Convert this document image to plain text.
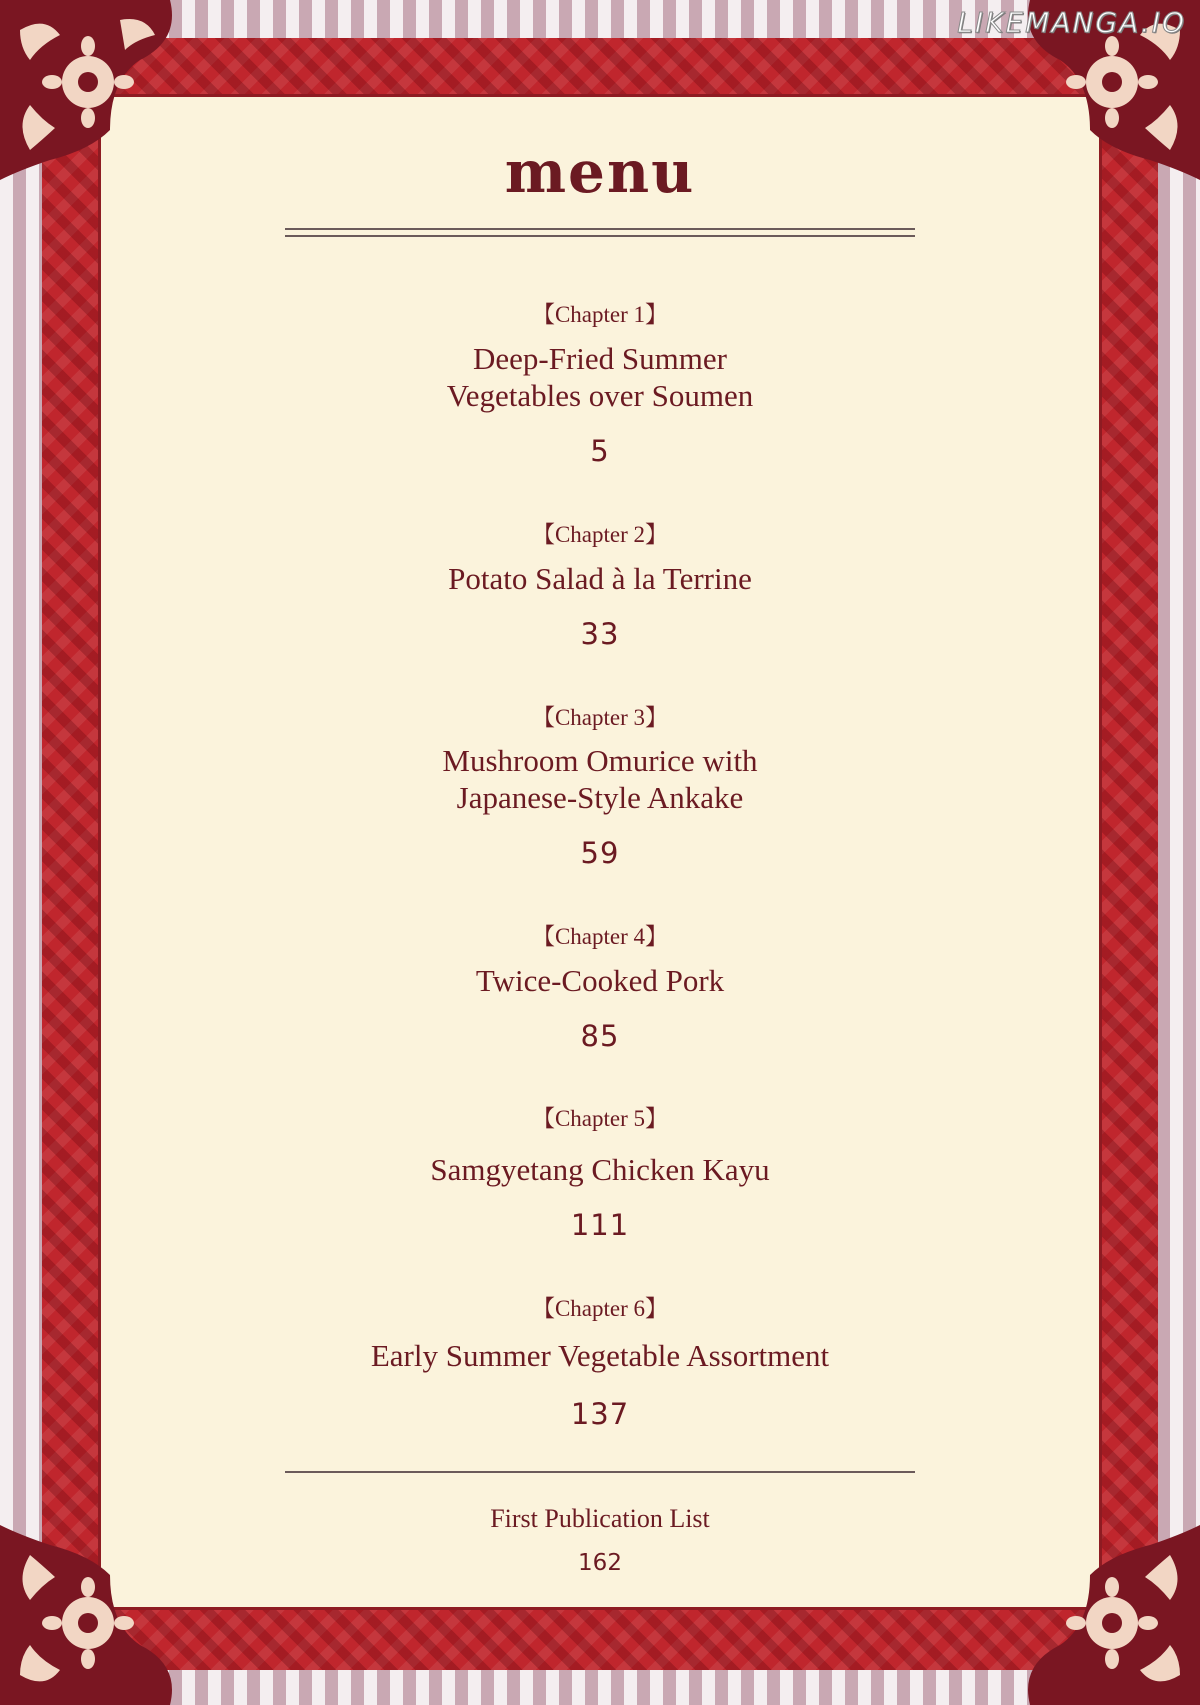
LIKEMANGA.IO
menu
【Chapter 1】
Deep-Fried Summer
Vegetables over Soumen
5
【Chapter 2】
Potato Salad à la Terrine
33
【Chapter 3】
Mushroom Omurice with
Japanese-Style Ankake
59
【Chapter 4】
Twice-Cooked Pork
85
【Chapter 5】
Samgyetang Chicken Kayu
111
【Chapter 6】
Early Summer Vegetable Assortment
137
First Publication List
162
